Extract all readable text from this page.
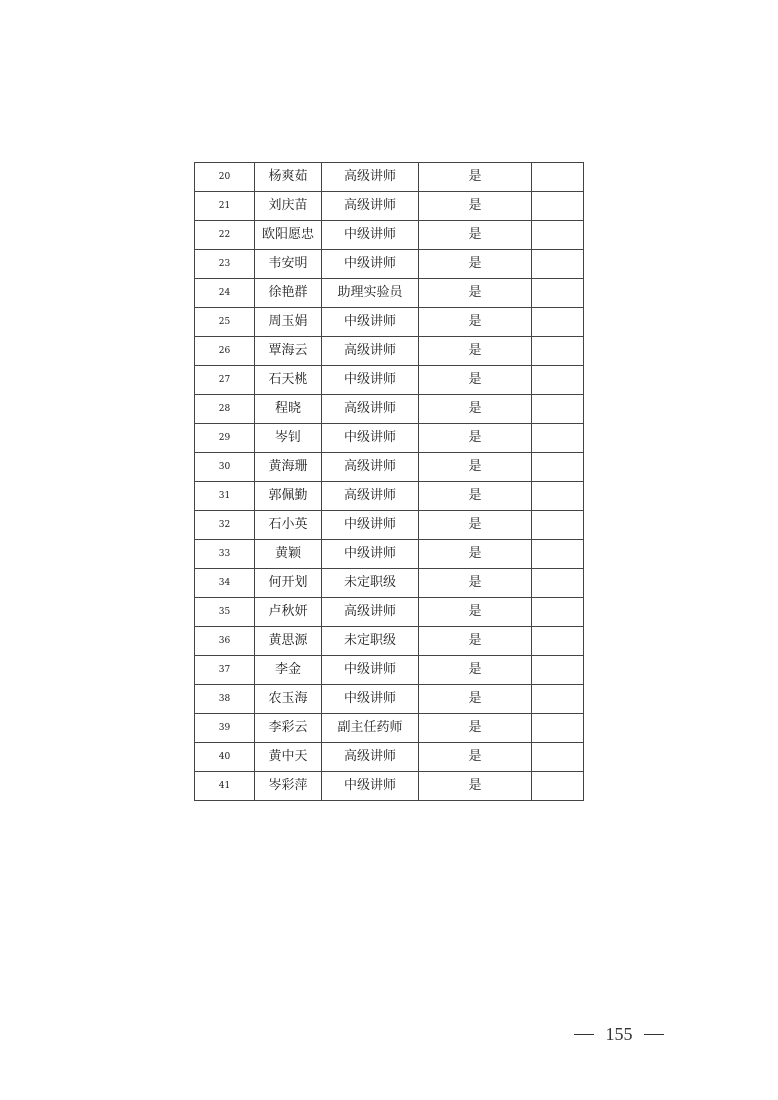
20	杨爽茹	高级讲师	是	
21	刘庆苗	高级讲师	是	
22	欧阳愿忠	中级讲师	是	
23	韦安明	中级讲师	是	
24	徐艳群	助理实验员	是	
25	周玉娟	中级讲师	是	
26	覃海云	高级讲师	是	
27	石天桃	中级讲师	是	
28	程晓	高级讲师	是	
29	岑钊	中级讲师	是	
30	黄海珊	高级讲师	是	
31	郭佩勤	高级讲师	是	
32	石小英	中级讲师	是	
33	黄颖	中级讲师	是	
34	何开划	未定职级	是	
35	卢秋妍	高级讲师	是	
36	黄思源	未定职级	是	
37	李金	中级讲师	是	
38	农玉海	中级讲师	是	
39	李彩云	副主任药师	是	
40	黄中天	高级讲师	是	
41	岑彩萍	中级讲师	是	
155
